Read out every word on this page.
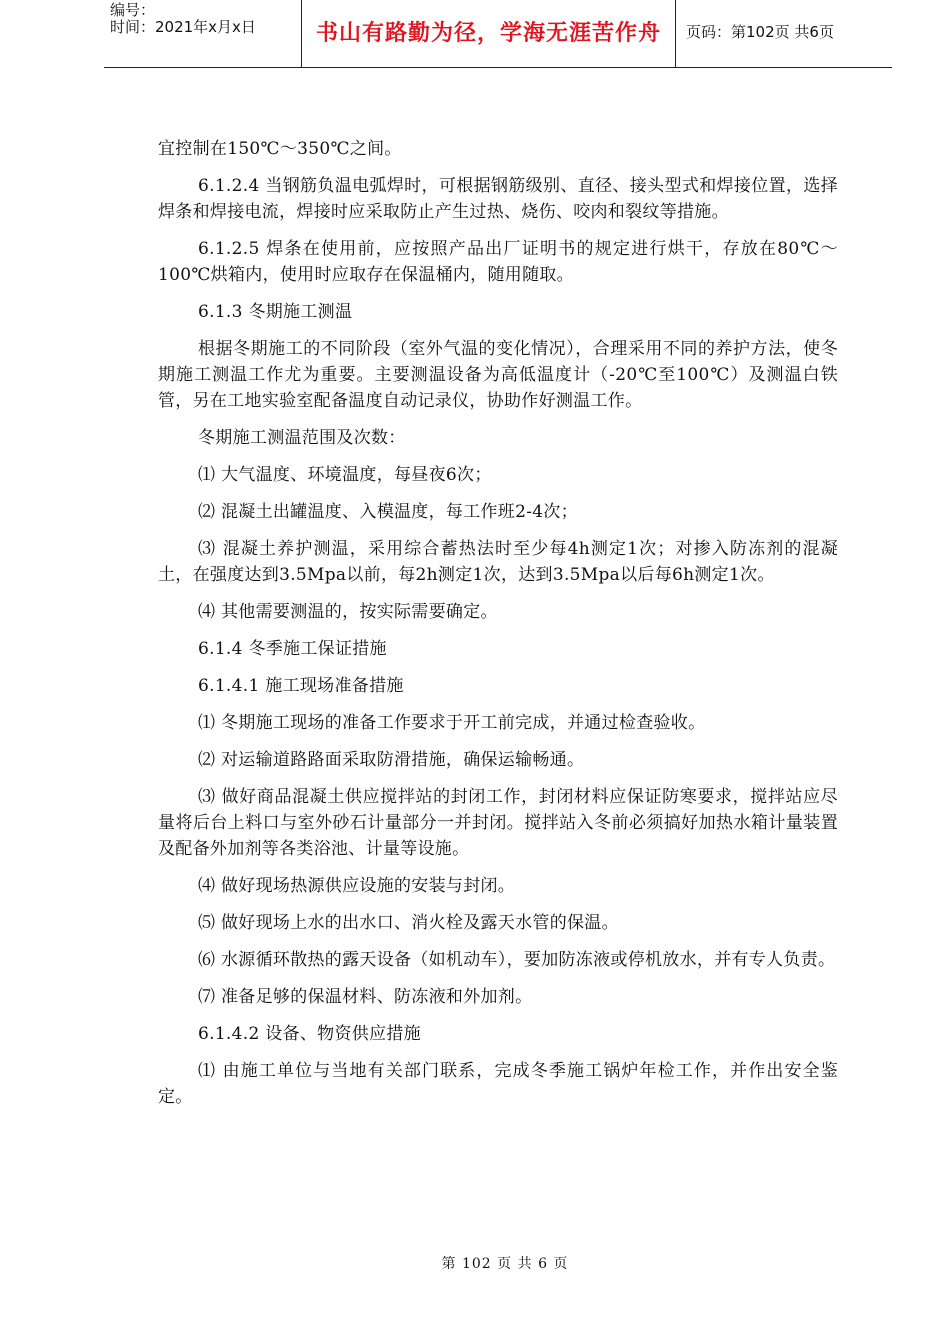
编号：
时间：2021年x月x日	书山有路勤为径，学海无涯苦作舟	页码：第102页 共6页

宜控制在150℃～350℃之间。

6.1.2.4 当钢筋负温电弧焊时，可根据钢筋级别、直径、接头型式和焊接位置，选择焊条和焊接电流，焊接时应采取防止产生过热、烧伤、咬肉和裂纹等措施。

6.1.2.5 焊条在使用前，应按照产品出厂证明书的规定进行烘干，存放在80℃～100℃烘箱内，使用时应取存在保温桶内，随用随取。

6.1.3 冬期施工测温

根据冬期施工的不同阶段（室外气温的变化情况），合理采用不同的养护方法，使冬期施工测温工作尤为重要。主要测温设备为高低温度计（-20℃至100℃）及测温白铁管，另在工地实验室配备温度自动记录仪，协助作好测温工作。

冬期施工测温范围及次数：

⑴ 大气温度、环境温度，每昼夜6次；

⑵ 混凝土出罐温度、入模温度，每工作班2-4次；

⑶ 混凝土养护测温，采用综合蓄热法时至少每4h测定1次；对掺入防冻剂的混凝土，在强度达到3.5Mpa以前，每2h测定1次，达到3.5Mpa以后每6h测定1次。

⑷ 其他需要测温的，按实际需要确定。

6.1.4 冬季施工保证措施

6.1.4.1 施工现场准备措施

⑴ 冬期施工现场的准备工作要求于开工前完成，并通过检查验收。

⑵ 对运输道路路面采取防滑措施，确保运输畅通。

⑶ 做好商品混凝土供应搅拌站的封闭工作，封闭材料应保证防寒要求，搅拌站应尽量将后台上料口与室外砂石计量部分一并封闭。搅拌站入冬前必须搞好加热水箱计量装置及配备外加剂等各类浴池、计量等设施。

⑷ 做好现场热源供应设施的安装与封闭。

⑸ 做好现场上水的出水口、消火栓及露天水管的保温。

⑹ 水源循环散热的露天设备（如机动车），要加防冻液或停机放水，并有专人负责。

⑺ 准备足够的保温材料、防冻液和外加剂。

6.1.4.2 设备、物资供应措施

⑴ 由施工单位与当地有关部门联系，完成冬季施工锅炉年检工作，并作出安全鉴定。

第 102 页 共 6 页
